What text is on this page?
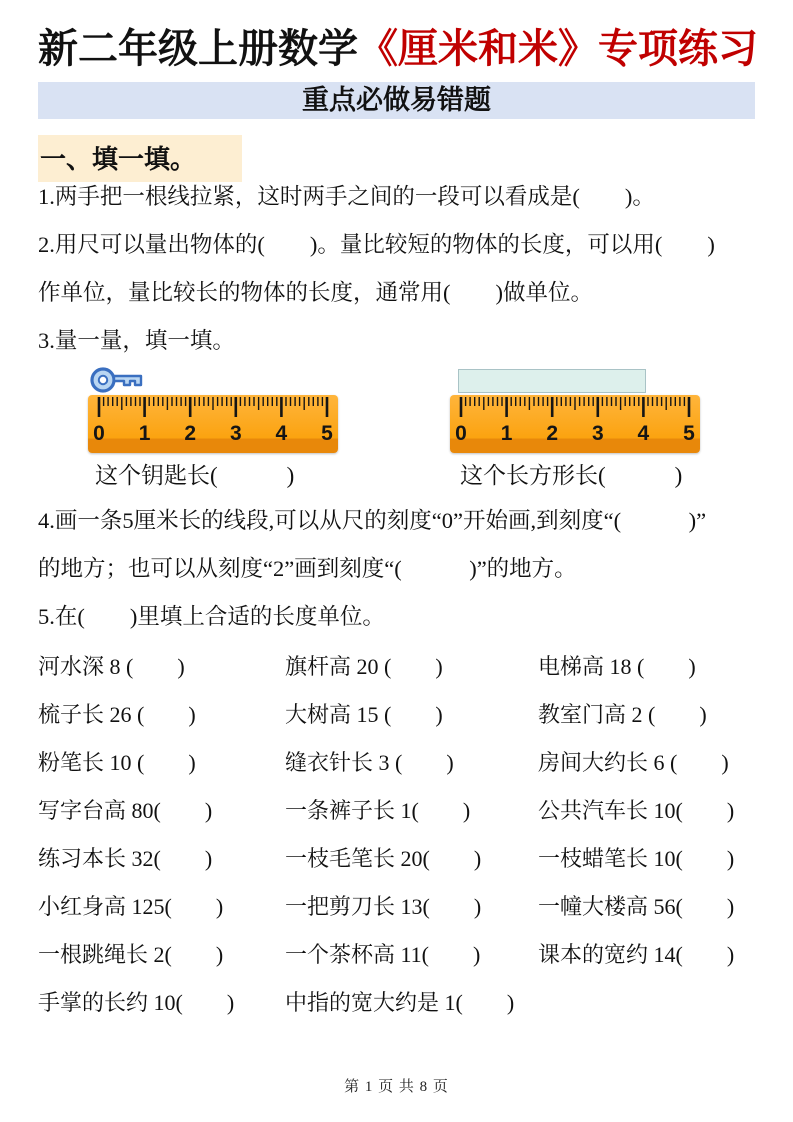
新二年级上册数学《厘米和米》专项练习
重点必做易错题
一、填一填。
1.两手把一根线拉紧，这时两手之间的一段可以看成是(　　)。
2.用尺可以量出物体的(　　)。量比较短的物体的长度，可以用(　　)
作单位，量比较长的物体的长度，通常用(　　)做单位。
3.量一量，填一填。
0 1 2 3 4 5	0 1 2 3 4 5
这个钥匙长(　　　)	这个长方形长(　　　)
4.画一条5厘米长的线段,可以从尺的刻度“0”开始画,到刻度“(　　　)”
的地方；也可以从刻度“2”画到刻度“(　　　)”的地方。
5.在(　　)里填上合适的长度单位。
河水深 8 (　　)	旗杆高 20 (　　)	电梯高 18 (　　)
梳子长 26 (　　)	大树高 15 (　　)	教室门高 2 (　　)
粉笔长 10 (　　)	缝衣针长 3 (　　)	房间大约长 6 (　　)
写字台高 80(　　)	一条裤子长 1(　　)	公共汽车长 10(　　)
练习本长 32(　　)	一枝毛笔长 20(　　)	一枝蜡笔长 10(　　)
小红身高 125(　　)	一把剪刀长 13(　　)	一幢大楼高 56(　　)
一根跳绳长 2(　　)	一个茶杯高 11(　　)	课本的宽约 14(　　)
手掌的长约 10(　　)	中指的宽大约是 1(　　)
第 1 页 共 8 页
